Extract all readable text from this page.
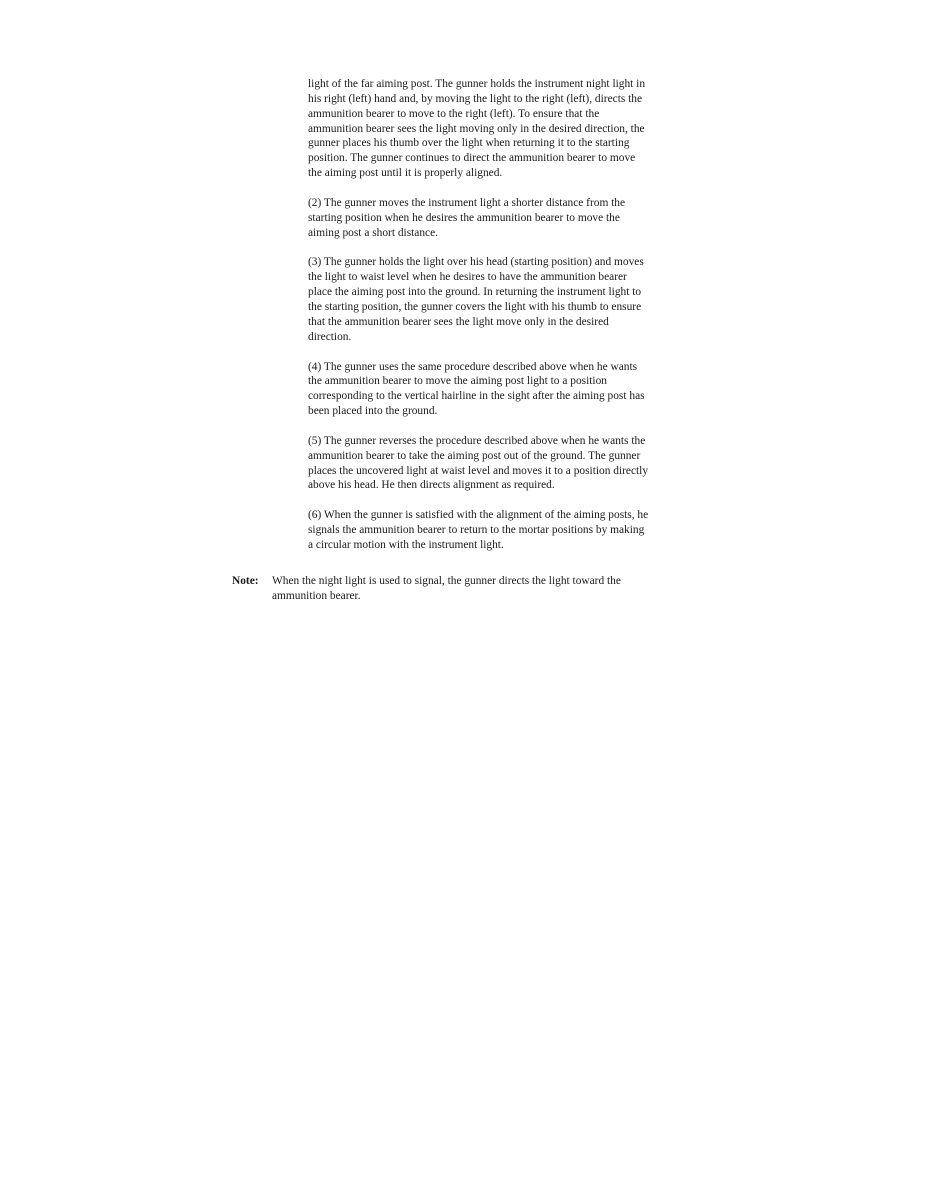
light of the far aiming post. The gunner holds the instrument night light in
his right (left) hand and, by moving the light to the right (left), directs the
ammunition bearer to move to the right (left). To ensure that the
ammunition bearer sees the light moving only in the desired direction, the
gunner places his thumb over the light when returning it to the starting
position. The gunner continues to direct the ammunition bearer to move
the aiming post until it is properly aligned.

(2) The gunner moves the instrument light a shorter distance from the
starting position when he desires the ammunition bearer to move the
aiming post a short distance.

(3) The gunner holds the light over his head (starting position) and moves
the light to waist level when he desires to have the ammunition bearer
place the aiming post into the ground. In returning the instrument light to
the starting position, the gunner covers the light with his thumb to ensure
that the ammunition bearer sees the light move only in the desired
direction.

(4) The gunner uses the same procedure described above when he wants
the ammunition bearer to move the aiming post light to a position
corresponding to the vertical hairline in the sight after the aiming post has
been placed into the ground.

(5) The gunner reverses the procedure described above when he wants the
ammunition bearer to take the aiming post out of the ground. The gunner
places the uncovered light at waist level and moves it to a position directly
above his head. He then directs alignment as required.

(6) When the gunner is satisfied with the alignment of the aiming posts, he
signals the ammunition bearer to return to the mortar positions by making
a circular motion with the instrument light.

Note: When the night light is used to signal, the gunner directs the light toward the
ammunition bearer.
